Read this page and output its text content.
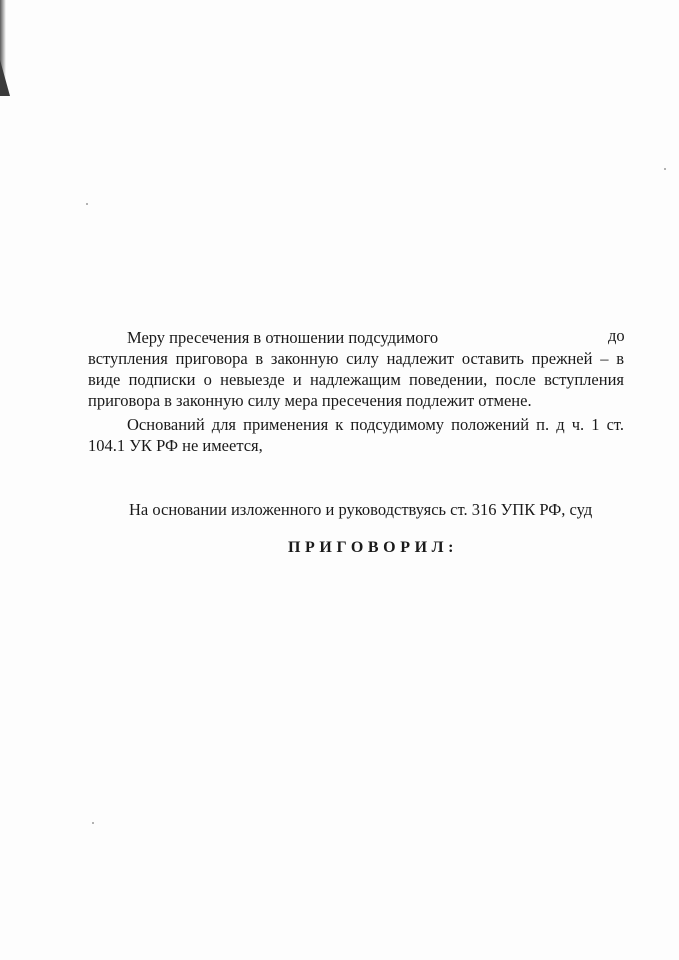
Меру пресечения в отношении подсудимого	до
вступления приговора в законную силу надлежит оставить прежней – в
виде подписки о невыезде и надлежащим поведении, после вступления
приговора в законную силу мера пресечения подлежит отмене.
Оснований для применения к подсудимому положений п. д ч. 1 ст.
104.1 УК РФ не имеется,
На основании изложенного и руководствуясь ст. 316 УПК РФ, суд
ПРИГОВОРИЛ:
